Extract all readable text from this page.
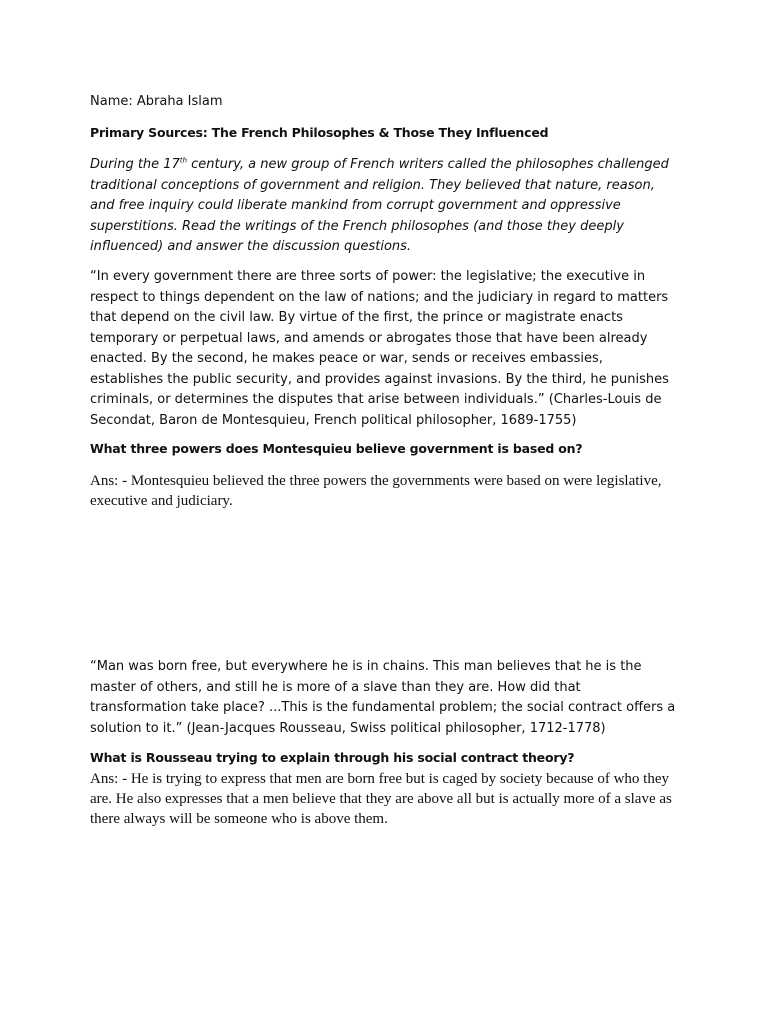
Name: Abraha Islam

Primary Sources: The French Philosophes & Those They Influenced

During the 17th century, a new group of French writers called the philosophes challenged traditional conceptions of government and religion. They believed that nature, reason, and free inquiry could liberate mankind from corrupt government and oppressive superstitions. Read the writings of the French philosophes (and those they deeply influenced) and answer the discussion questions.

“In every government there are three sorts of power: the legislative; the executive in respect to things dependent on the law of nations; and the judiciary in regard to matters that depend on the civil law. By virtue of the first, the prince or magistrate enacts temporary or perpetual laws, and amends or abrogates those that have been already enacted. By the second, he makes peace or war, sends or receives embassies, establishes the public security, and provides against invasions. By the third, he punishes criminals, or determines the disputes that arise between individuals.” (Charles-Louis de Secondat, Baron de Montesquieu, French political philosopher, 1689-1755)

What three powers does Montesquieu believe government is based on?

Ans: - Montesquieu believed the three powers the governments were based on were legislative, executive and judiciary.

“Man was born free, but everywhere he is in chains. This man believes that he is the master of others, and still he is more of a slave than they are. How did that transformation take place? ...This is the fundamental problem; the social contract offers a solution to it.” (Jean-Jacques Rousseau, Swiss political philosopher, 1712-1778)

What is Rousseau trying to explain through his social contract theory?

Ans: - He is trying to express that men are born free but is caged by society because of who they are. He also expresses that a men believe that they are above all but is actually more of a slave as there always will be someone who is above them.
